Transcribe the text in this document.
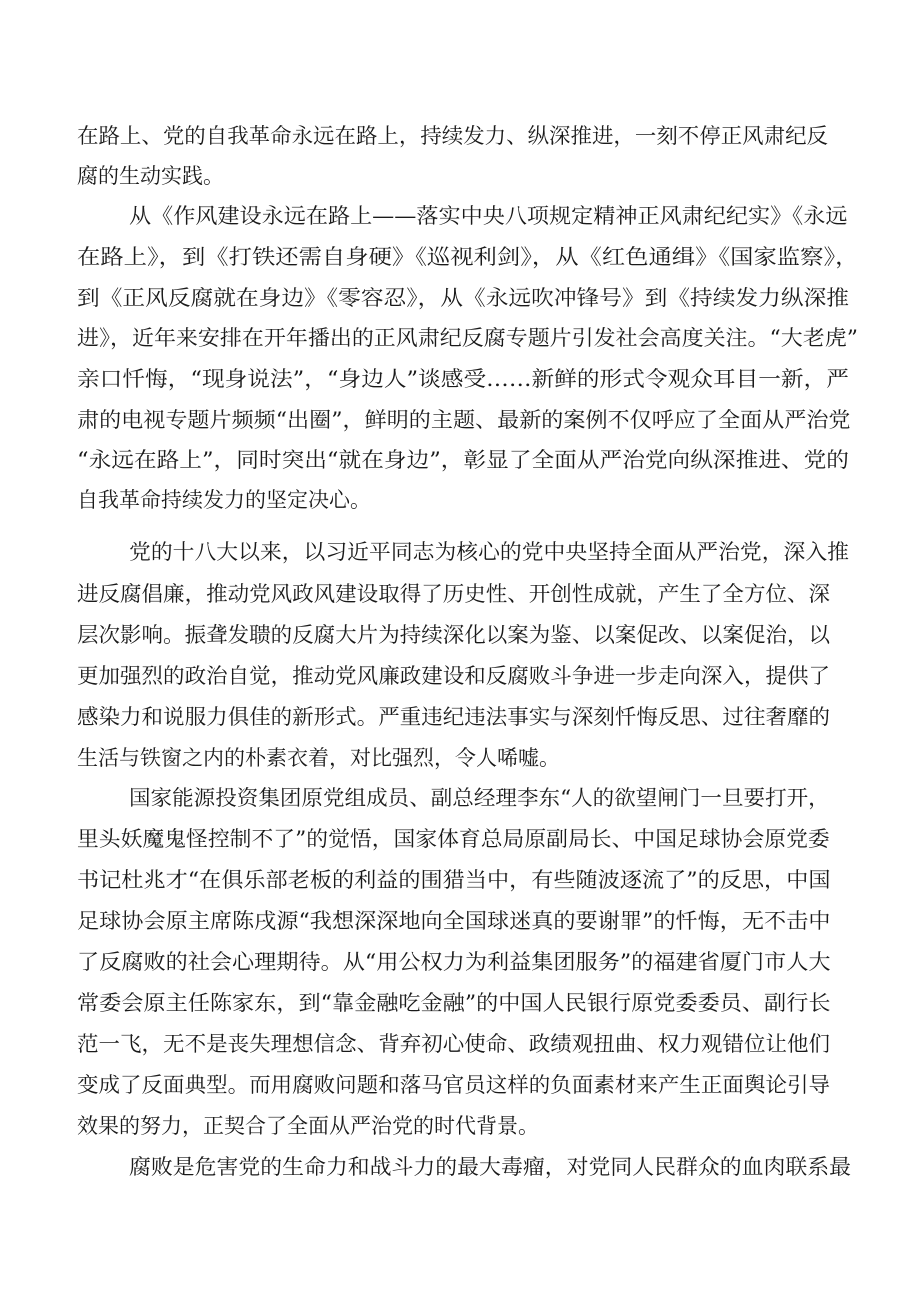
在路上、党的自我革命永远在路上，持续发力、纵深推进，一刻不停正风肃纪反
腐的生动实践。
从《作风建设永远在路上——落实中央八项规定精神正风肃纪纪实》《永远
在路上》，到《打铁还需自身硬》《巡视利剑》，从《红色通缉》《国家监察》，
到《正风反腐就在身边》《零容忍》，从《永远吹冲锋号》到《持续发力纵深推
进》，近年来安排在开年播出的正风肃纪反腐专题片引发社会高度关注。“大老虎”
亲口忏悔，“现身说法”，“身边人”谈感受……新鲜的形式令观众耳目一新，严
肃的电视专题片频频“出圈”，鲜明的主题、最新的案例不仅呼应了全面从严治党
“永远在路上”，同时突出“就在身边”，彰显了全面从严治党向纵深推进、党的
自我革命持续发力的坚定决心。
党的十八大以来，以习近平同志为核心的党中央坚持全面从严治党，深入推
进反腐倡廉，推动党风政风建设取得了历史性、开创性成就，产生了全方位、深
层次影响。振聋发聩的反腐大片为持续深化以案为鉴、以案促改、以案促治，以
更加强烈的政治自觉，推动党风廉政建设和反腐败斗争进一步走向深入，提供了
感染力和说服力俱佳的新形式。严重违纪违法事实与深刻忏悔反思、过往奢靡的
生活与铁窗之内的朴素衣着，对比强烈，令人唏嘘。
国家能源投资集团原党组成员、副总经理李东“人的欲望闸门一旦要打开，
里头妖魔鬼怪控制不了”的觉悟，国家体育总局原副局长、中国足球协会原党委
书记杜兆才“在俱乐部老板的利益的围猎当中，有些随波逐流了”的反思，中国
足球协会原主席陈戌源“我想深深地向全国球迷真的要谢罪”的忏悔，无不击中
了反腐败的社会心理期待。从“用公权力为利益集团服务”的福建省厦门市人大
常委会原主任陈家东，到“靠金融吃金融”的中国人民银行原党委委员、副行长
范一飞，无不是丧失理想信念、背弃初心使命、政绩观扭曲、权力观错位让他们
变成了反面典型。而用腐败问题和落马官员这样的负面素材来产生正面舆论引导
效果的努力，正契合了全面从严治党的时代背景。
腐败是危害党的生命力和战斗力的最大毒瘤，对党同人民群众的血肉联系最
